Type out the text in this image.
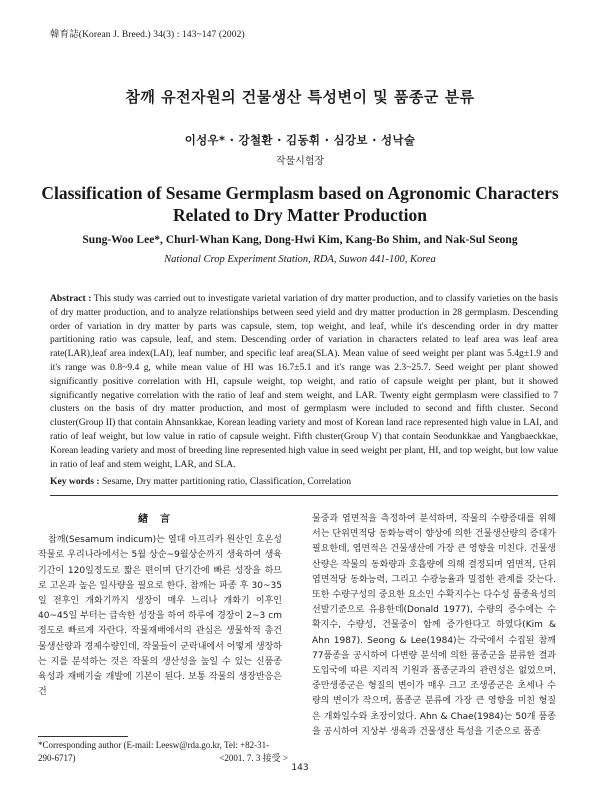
韓育誌(Korean J. Breed.) 34(3) : 143~147 (2002)
참깨 유전자원의 건물생산 특성변이 및 품종군 분류
이성우* · 강철환 · 김동휘 · 심강보 · 성낙술
작물시험장
Classification of Sesame Germplasm based on Agronomic Characters
Related to Dry Matter Production
Sung-Woo Lee*, Churl-Whan Kang, Dong-Hwi Kim, Kang-Bo Shim, and Nak-Sul Seong
National Crop Experiment Station, RDA, Suwon 441-100, Korea
Abstract : This study was carried out to investigate varietal variation of dry matter production, and to classify varieties on the basis of dry matter production, and to analyze relationships between seed yield and dry matter production in 28 germplasm. Descending order of variation in dry matter by parts was capsule, stem, top weight, and leaf, while it's descending order in dry matter partitioning ratio was capsule, leaf, and stem. Descending order of variation in characters related to leaf area was leaf area rate(LAR),leaf area index(LAI), leaf number, and specific leaf area(SLA). Mean value of seed weight per plant was 5.4g±1.9 and it's range was 0.8~9.4 g, while mean value of HI was 16.7±5.1 and it's range was 2.3~25.7. Seed weight per plant showed significantly positive correlation with HI, capsule weight, top weight, and ratio of capsule weight per plant, but it showed significantly negative correlation with the ratio of leaf and stem weight, and LAR. Twenty eight germplasm were classified to 7 clusters on the basis of dry matter production, and most of germplasm were included to second and fifth cluster. Second cluster(Group II) that contain Ahnsankkae, Korean leading variety and most of Korean land race represented high value in LAI, and ratio of leaf weight, but low value in ratio of capsule weight. Fifth cluster(Group V) that contain Seodunkkae and Yangbaeckkae, Korean leading variety and most of breeding line represented high value in seed weight per plant, HI, and top weight, but low value in ratio of leaf and stem weight, LAR, and SLA.
Key words : Sesame, Dry matter partitioning ratio, Classification, Correlation

緖言

참깨(Sesamum indicum)는 열대 아프리카 원산인 호온성 작물로 우리나라에서는 5월 상순~9월상순까지 생육하여 생육기간이 120일정도로 짧은 편이며 단기간에 빠른 성장을 하므로 고온과 높은 일사량을 필요로 한다. 참깨는 파종 후 30~35일 전후인 개화기까지 생장이 매우 느리나 개화기 이후인 40~45일 부터는 급속한 성장을 하여 하루에 경장이 2~3 cm 정도로 빠르게 자란다. 작물재배에서의 관심은 생물학적 총건물생산량과 경제수량인데, 작물들이 군락내에서 어떻게 생장하는 지를 분석하는 것은 작물의 생산성을 높일 수 있는 신품종 육성과 재배기술 개발에 기본이 된다. 보통 작물의 생장반응은 건

물중과 엽면적을 측정하여 분석하며, 작물의 수량증대를 위해서는 단위면적당 동화능력이 향상에 의한 건물생산량의 증대가 필요한데, 엽면적은 건물생산에 가장 큰 영향을 미친다. 건물생산량은 작물의 동화량과 호흡량에 의해 결정되며 엽면적, 단위 엽면적당 동화능력, 그리고 수광능율과 밀접한 관계를 갖는다. 또한 수량구성의 중요한 요소인 수확지수는 다수성 품종육성의 선발기준으로 유용한데(Donald 1977), 수량의 증수에는 수확지수, 수량성, 건물중이 함께 증가한다고 하였다(Kim & Ahn 1987). Seong & Lee(1984)는 각국에서 수집된 참깨 77품종을 공시하여 다변량 분석에 의한 품종군을 분류한 결과 도입국에 따른 지리적 기원과 품종군과의 관련성은 없었으며, 중만생종군은 형질의 변이가 매우 크고 조생종군은 초세나 수량의 변이가 작으며, 품종군 분류에 가장 큰 영향을 미친 형질은 개화일수와 초장이었다. Ahn & Chae(1984)는 50개 품종을 공시하여 지상부 생육과 건물생산 특성을 기준으로 품종

*Corresponding author (E-mail: Leesw@rda.go.kr, Tel: +82-31-
290-6717)	<2001. 7. 3 接受 >
143
